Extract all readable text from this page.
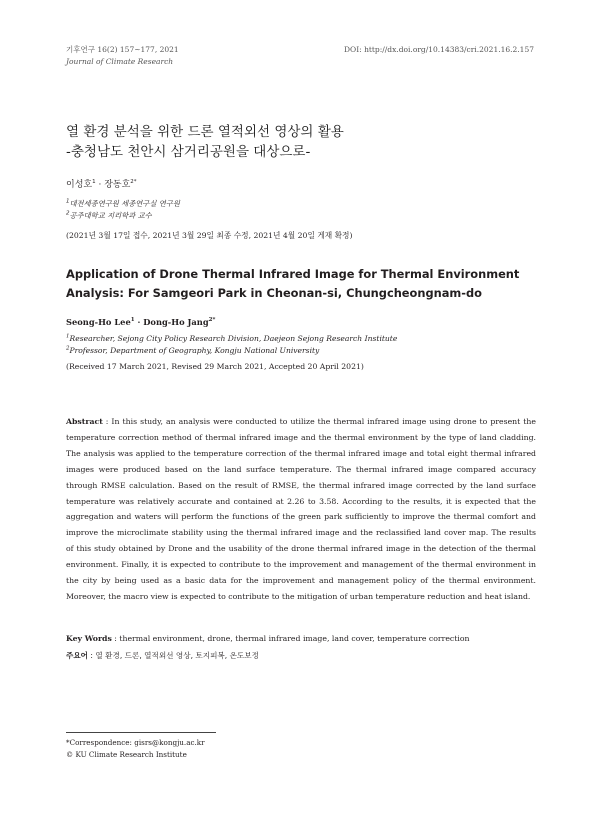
기후연구 16(2) 157~177, 2021
Journal of Climate Research
DOI: http://dx.doi.org/10.14383/cri.2021.16.2.157
열 환경 분석을 위한 드론 열적외선 영상의 활용
-충청남도 천안시 삼거리공원을 대상으로-
이성호$^1$ · 장동호$^{2*}$
$^1$대전세종연구원 세종연구실 연구원
$^2$공주대학교 지리학과 교수
(2021년 3월 17일 접수, 2021년 3월 29일 최종 수정, 2021년 4월 20일 게재 확정)
Application of Drone Thermal Infrared Image for Thermal Environment
Analysis: For Samgeori Park in Cheonan-si, Chungcheongnam-do
Seong-Ho Lee$^1$ · Dong-Ho Jang$^{2*}$
$^1$Researcher, Sejong City Policy Research Division, Daejeon Sejong Research Institute
$^2$Professor, Department of Geography, Kongju National University
(Received 17 March 2021, Revised 29 March 2021, Accepted 20 April 2021)
Abstract : In this study, an analysis were conducted to utilize the thermal infrared image using drone to present the temperature correction method of thermal infrared image and the thermal environment by the type of land cladding. The analysis was applied to the temperature correction of the thermal infrared image and total eight thermal infrared images were produced based on the land surface temperature. The thermal infrared image compared accuracy through RMSE calculation. Based on the result of RMSE, the thermal infrared image corrected by the land surface temperature was relatively accurate and contained at 2.26 to 3.58. According to the results, it is expected that the aggregation and waters will perform the functions of the green park sufficiently to improve the thermal comfort and improve the microclimate stability using the thermal infrared image and the reclassified land cover map. The results of this study obtained by Drone and the usability of the drone thermal infrared image in the detection of the thermal environment. Finally, it is expected to contribute to the improvement and management of the thermal environment in the city by being used as a basic data for the improvement and management policy of the thermal environment. Moreover, the macro view is expected to contribute to the mitigation of urban temperature reduction and heat island.
Key Words : thermal environment, drone, thermal infrared image, land cover, temperature correction
주요어 : 열 환경, 드론, 열적외선 영상, 토지피복, 온도보정
*Correspondence: gisrs@kongju.ac.kr
© KU Climate Research Institute
